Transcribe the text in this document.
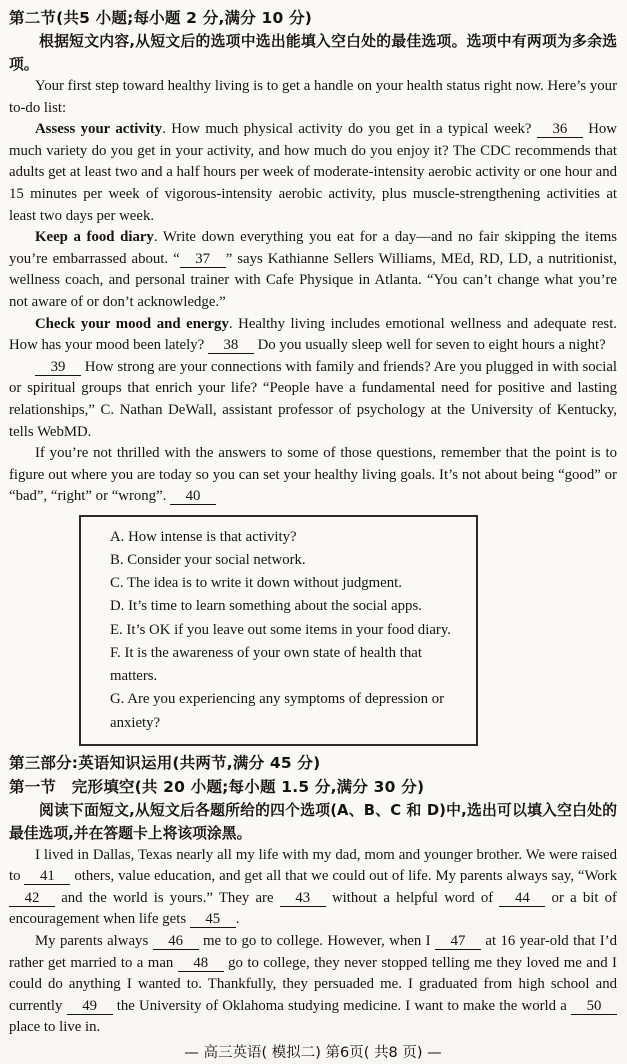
第二节(共5 小题;每小题 2 分,满分 10 分)

根据短文内容,从短文后的选项中选出能填入空白处的最佳选项。选项中有两项为多余选项。

Your first step toward healthy living is to get a handle on your health status right now. Here’s your to-do list:

Assess your activity. How much physical activity do you get in a typical week? 36 How much variety do you get in your activity, and how much do you enjoy it? The CDC recommends that adults get at least two and a half hours per week of moderate-intensity aerobic activity or one hour and 15 minutes per week of vigorous-intensity aerobic activity, plus muscle-strengthening activities at least two days per week.

Keep a food diary. Write down everything you eat for a day—and no fair skipping the items you’re embarrassed about. “ 37 ” says Kathianne Sellers Williams, MEd, RD, LD, a nutritionist, wellness coach, and personal trainer with Cafe Physique in Atlanta. “You can’t change what you’re not aware of or don’t acknowledge.”

Check your mood and energy. Healthy living includes emotional wellness and adequate rest. How has your mood been lately? 38 Do you usually sleep well for seven to eight hours a night?

39 How strong are your connections with family and friends? Are you plugged in with social or spiritual groups that enrich your life? “People have a fundamental need for positive and lasting relationships,” C. Nathan DeWall, assistant professor of psychology at the University of Kentucky, tells WebMD.

If you’re not thrilled with the answers to some of those questions, remember that the point is to figure out where you are today so you can set your healthy living goals. It’s not about being “good” or “bad”, “right” or “wrong”. 40

A. How intense is that activity?
B. Consider your social network.
C. The idea is to write it down without judgment.
D. It’s time to learn something about the social apps.
E. It’s OK if you leave out some items in your food diary.
F. It is the awareness of your own state of health that matters.
G. Are you experiencing any symptoms of depression or anxiety?
第三部分:英语知识运用(共两节,满分 45 分)
第一节　完形填空(共 20 小题;每小题 1.5 分,满分 30 分)

阅读下面短文,从短文后各题所给的四个选项(A、B、C 和 D)中,选出可以填入空白处的最佳选项,并在答题卡上将该项涂黑。

I lived in Dallas, Texas nearly all my life with my dad, mom and younger brother. We were raised to 41 others, value education, and get all that we could out of life. My parents always say, “Work 42 and the world is yours.” They are 43 without a helpful word of 44 or a bit of encouragement when life gets 45 .

My parents always 46 me to go to college. However, when I 47 at 16 year-old that I’d rather get married to a man 48 go to college, they never stopped telling me they loved me and I could do anything I wanted to. Thankfully, they persuaded me. I graduated from high school and currently 49 the University of Oklahoma studying medicine. I want to make the world a 50 place to live in.

— 高三英语( 模拟二) 第6页( 共8 页) —
